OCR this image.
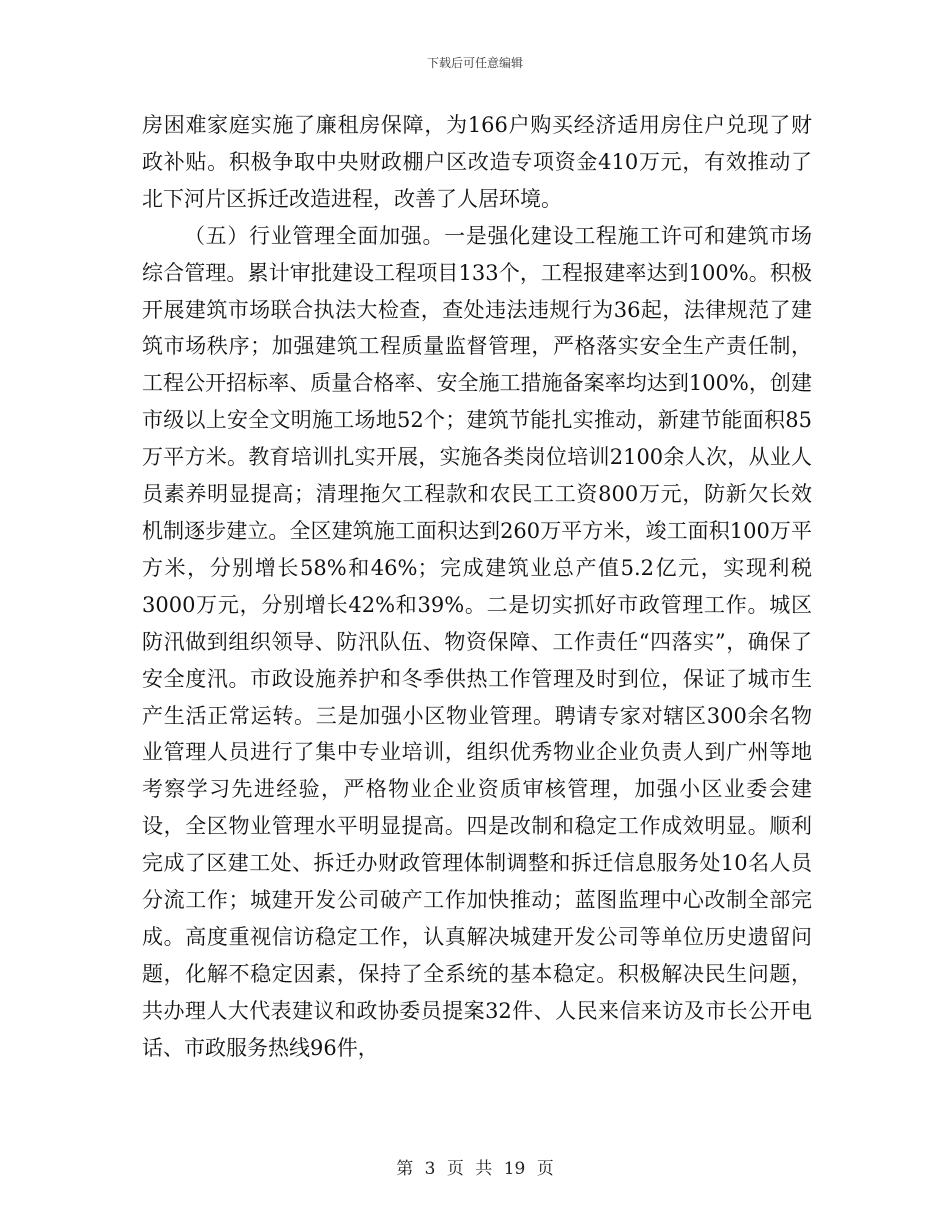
下载后可任意编辑

房困难家庭实施了廉租房保障，为166户购买经济适用房住户兑现了财政补贴。积极争取中央财政棚户区改造专项资金410万元，有效推动了北下河片区拆迁改造进程，改善了人居环境。

（五）行业管理全面加强。一是强化建设工程施工许可和建筑市场综合管理。累计审批建设工程项目133个，工程报建率达到100%。积极开展建筑市场联合执法大检查，查处违法违规行为36起，法律规范了建筑市场秩序；加强建筑工程质量监督管理，严格落实安全生产责任制，工程公开招标率、质量合格率、安全施工措施备案率均达到100%，创建市级以上安全文明施工场地52个；建筑节能扎实推动，新建节能面积85万平方米。教育培训扎实开展，实施各类岗位培训2100余人次，从业人员素养明显提高；清理拖欠工程款和农民工工资800万元，防新欠长效机制逐步建立。全区建筑施工面积达到260万平方米，竣工面积100万平方米，分别增长58%和46%；完成建筑业总产值5.2亿元，实现利税3000万元，分别增长42%和39%。二是切实抓好市政管理工作。城区防汛做到组织领导、防汛队伍、物资保障、工作责任“四落实”，确保了安全度汛。市政设施养护和冬季供热工作管理及时到位，保证了城市生产生活正常运转。三是加强小区物业管理。聘请专家对辖区300余名物业管理人员进行了集中专业培训，组织优秀物业企业负责人到广州等地考察学习先进经验，严格物业企业资质审核管理，加强小区业委会建设，全区物业管理水平明显提高。四是改制和稳定工作成效明显。顺利完成了区建工处、拆迁办财政管理体制调整和拆迁信息服务处10名人员分流工作；城建开发公司破产工作加快推动；蓝图监理中心改制全部完成。高度重视信访稳定工作，认真解决城建开发公司等单位历史遗留问题，化解不稳定因素，保持了全系统的基本稳定。积极解决民生问题，共办理人大代表建议和政协委员提案32件、人民来信来访及市长公开电话、市政服务热线96件，

第 3 页 共 19 页
